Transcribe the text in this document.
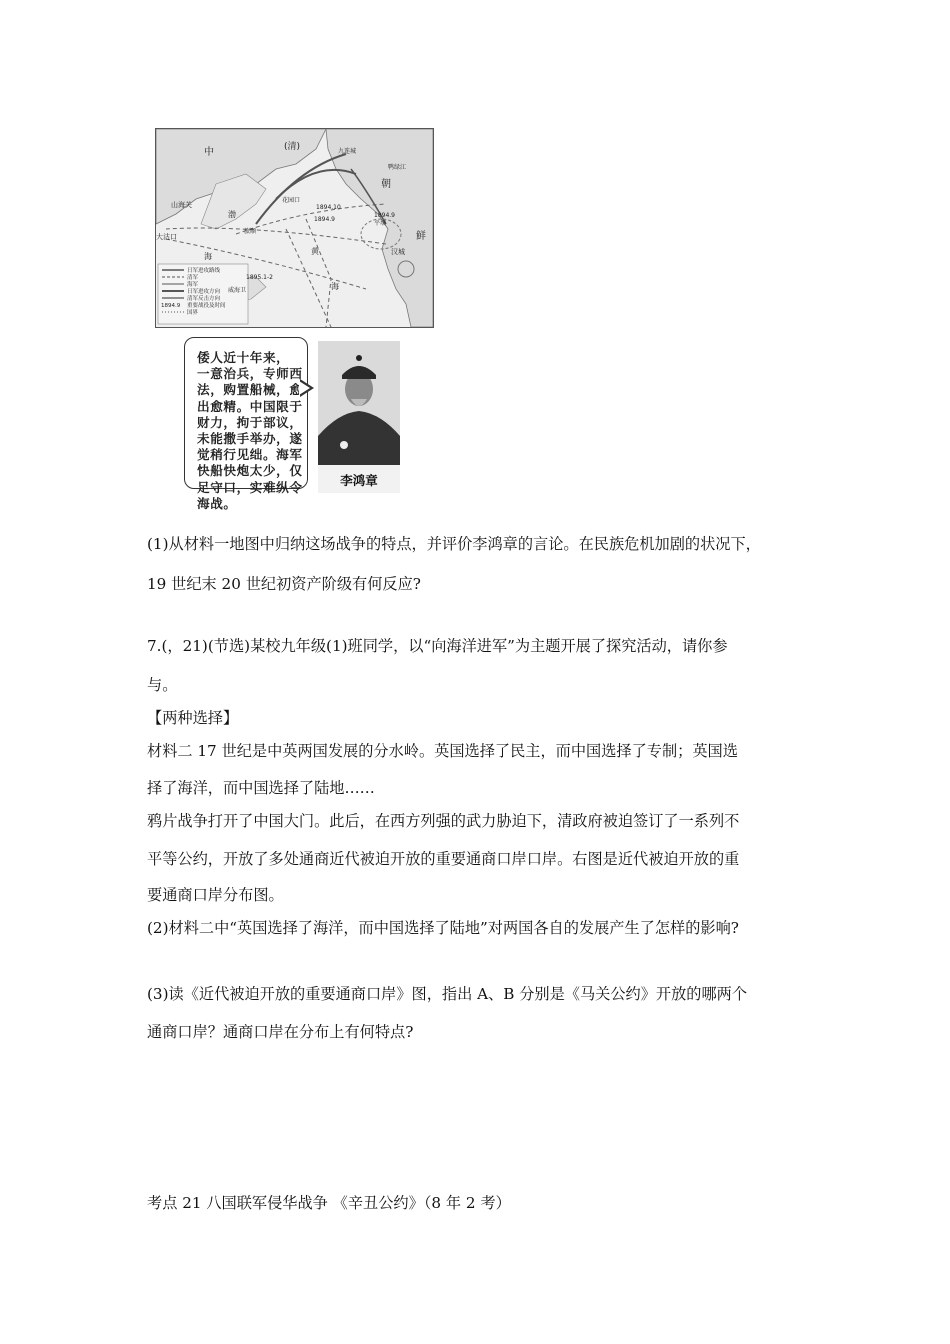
中	(清)
朝
鲜
山海关
渤
海
黄
海
大沽口
威海卫
汉城
旅顺
花园口
九连城
平壤
1894.9
1894.9
1894.10
1895.1-2
鸭绿江
日军进攻路线
清军
海军
日军进攻方向
清军反击方向
重要战役及时间
国界
1894.9
倭人近十年来，
一意治兵，专师西
法，购置船械，愈
出愈精。中国限于
财力，拘于部议，
未能撒手举办，遂
觉稍行见绌。海军
快船快炮太少，仅
足守口，实难纵令
海战。
李鸿章
(1)从材料一地图中归纳这场战争的特点，并评价李鸿章的言论。在民族危机加剧的状况下，
19 世纪末 20 世纪初资产阶级有何反应?
7.(，21)(节选)某校九年级(1)班同学，以“向海洋进军”为主题开展了探究活动，请你参
与。
【两种选择】
材料二 17 世纪是中英两国发展的分水岭。英国选择了民主，而中国选择了专制；英国选
择了海洋，而中国选择了陆地……
鸦片战争打开了中国大门。此后，在西方列强的武力胁迫下，清政府被迫签订了一系列不
平等公约，开放了多处通商近代被迫开放的重要通商口岸口岸。右图是近代被迫开放的重
要通商口岸分布图。
(2)材料二中“英国选择了海洋，而中国选择了陆地”对两国各自的发展产生了怎样的影响?
(3)读《近代被迫开放的重要通商口岸》图，指出 A、B 分别是《马关公约》开放的哪两个
通商口岸？通商口岸在分布上有何特点?
考点 21 八国联军侵华战争 《辛丑公约》（8 年 2 考）
